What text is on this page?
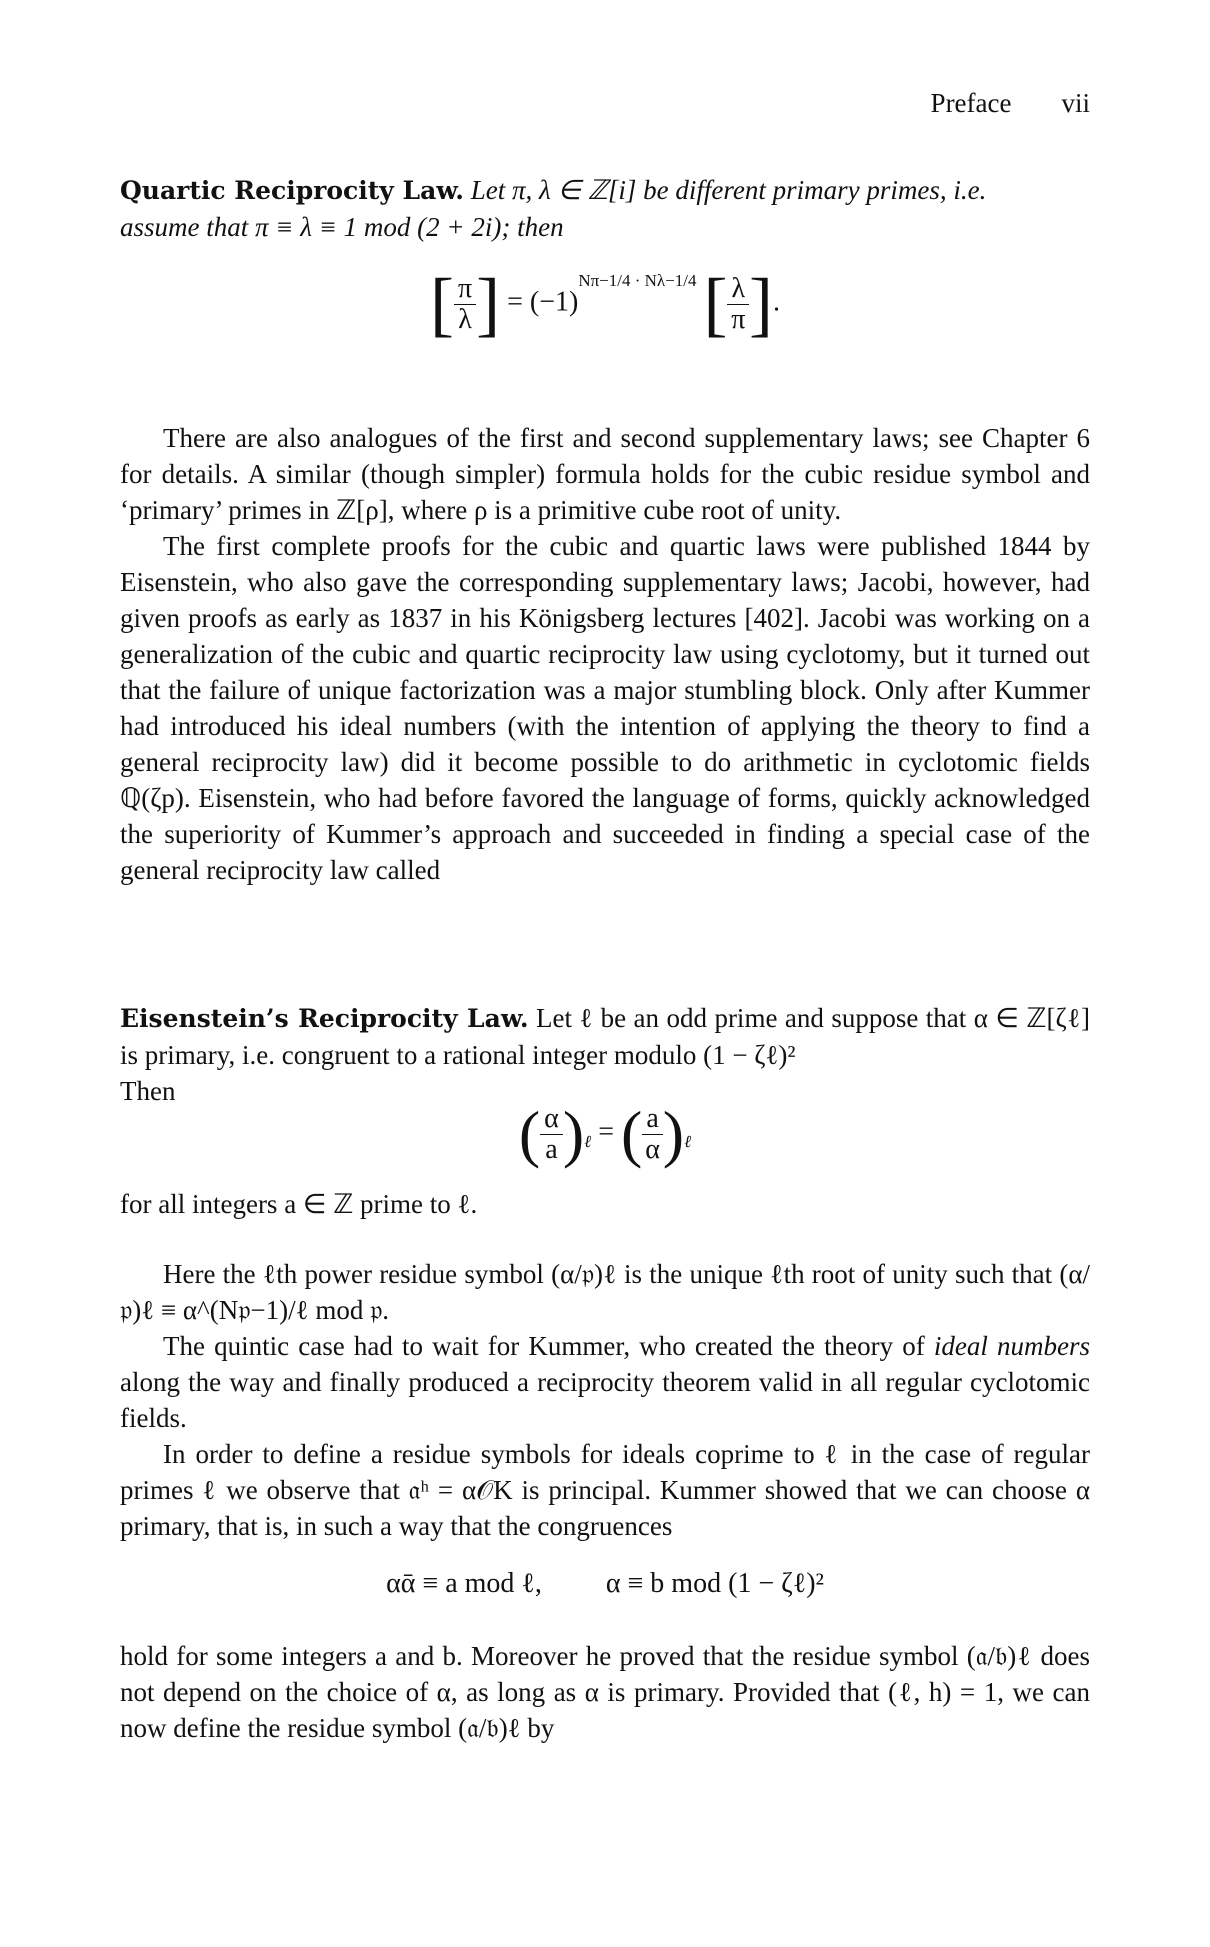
Preface vii

Quartic Reciprocity Law. Let π, λ ∈ ℤ[i] be different primary primes, i.e.

assume that π ≡ λ ≡ 1 mod (2 + 2i); then

[ $\frac{\pi}{\lambda}$ ] = $(-1)^{N\pi-1/4 \cdot N\lambda-1/4}$ [ $\frac{\lambda}{\pi}$ ].

There are also analogues of the first and second supplementary laws; see Chapter 6 for details. A similar (though simpler) formula holds for the cubic residue symbol and ‘primary’ primes in ℤ[ρ], where ρ is a primitive cube root of unity.

The first complete proofs for the cubic and quartic laws were published 1844 by Eisenstein, who also gave the corresponding supplementary laws; Jacobi, however, had given proofs as early as 1837 in his Königsberg lectures [402]. Jacobi was working on a generalization of the cubic and quartic reciprocity law using cyclotomy, but it turned out that the failure of unique factorization was a major stumbling block. Only after Kummer had introduced his ideal numbers (with the intention of applying the theory to find a general reciprocity law) did it become possible to do arithmetic in cyclotomic fields ℚ(ζp). Eisenstein, who had before favored the language of forms, quickly acknowledged the superiority of Kummer’s approach and succeeded in finding a special case of the general reciprocity law called

Eisenstein’s Reciprocity Law. Let ℓ be an odd prime and suppose that α ∈ ℤ[ζℓ] is primary, i.e. congruent to a rational integer modulo (1 − ζℓ)²

Then

( $\frac{\alpha}{a} )_\ell$ = ( $\frac{a}{\alpha} )_\ell$

for all integers a ∈ ℤ prime to ℓ.

Here the ℓth power residue symbol (α/𝔭)ℓ is the unique ℓth root of unity such that (α/𝔭)ℓ ≡ α^(N𝔭−1)/ℓ mod 𝔭.

The quintic case had to wait for Kummer, who created the theory of ideal numbers along the way and finally produced a reciprocity theorem valid in all regular cyclotomic fields.

In order to define a residue symbols for ideals coprime to ℓ in the case of regular primes ℓ we observe that 𝔞ʰ = α𝒪K is principal. Kummer showed that we can choose α primary, that is, in such a way that the congruences

αᾱ ≡ a mod ℓ, α ≡ b mod (1 − ζℓ)²

hold for some integers a and b. Moreover he proved that the residue symbol (𝔞/𝔟)ℓ does not depend on the choice of α, as long as α is primary. Provided that (ℓ, h) = 1, we can now define the residue symbol (𝔞/𝔟)ℓ by
